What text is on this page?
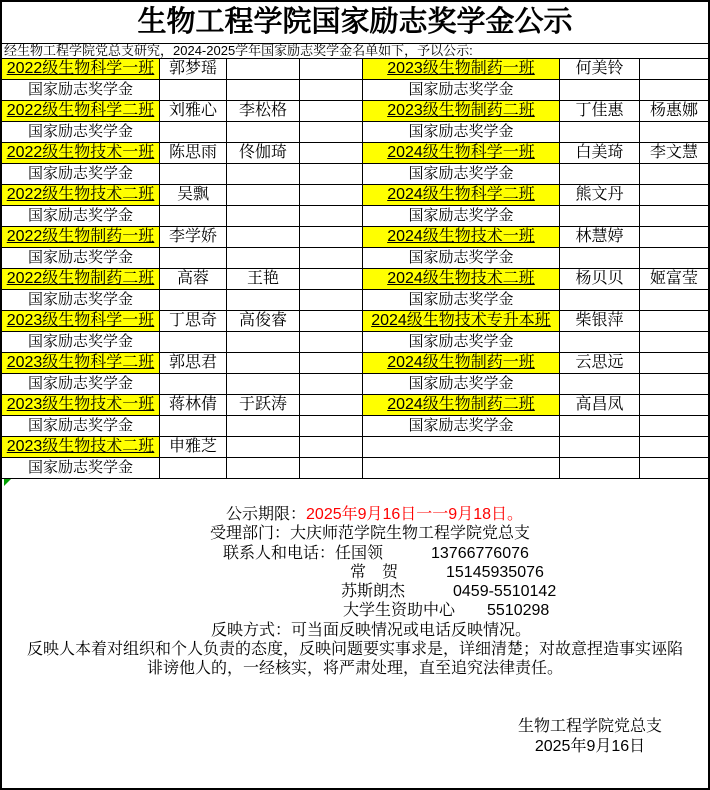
生物工程学院国家励志奖学金公示
经生物工程学院党总支研究，2024-2025学年国家励志奖学金名单如下，予以公示:
2022级生物科学一班 郭梦瑶	2023级生物制药一班	何美铃
国家励志奖学金	国家励志奖学金
2022级生物科学二班 刘雅心	李松格	2023级生物制药二班	丁佳惠	杨惠娜
国家励志奖学金	国家励志奖学金
2022级生物技术一班 陈思雨	佟伽琦	2024级生物科学一班	白美琦	李文慧
国家励志奖学金	国家励志奖学金
2022级生物技术二班	吴飘	2024级生物科学二班	熊文丹
国家励志奖学金	国家励志奖学金
2022级生物制药一班 李学娇	2024级生物技术一班	林慧婷
国家励志奖学金	国家励志奖学金
2022级生物制药二班	高蓉	王艳	2024级生物技术二班	杨贝贝	姬富莹
国家励志奖学金	国家励志奖学金
2023级生物科学一班 丁思奇	高俊睿	2024级生物技术专升本班	柴银萍
国家励志奖学金	国家励志奖学金
2023级生物科学二班 郭思君	2024级生物制药一班	云思远
国家励志奖学金	国家励志奖学金
2023级生物技术一班 蒋林倩	于跃涛	2024级生物制药二班	高昌凤
国家励志奖学金	国家励志奖学金
2023级生物技术二班 申雅芝
国家励志奖学金
公示期限：2025年9月16日一一9月18日。
受理部门：大庆师范学院生物工程学院党总支
联系人和电话：任国领　　　13766776076
常　贺　　　15145935076
苏斯朗杰　　　0459-5510142
大学生资助中心　　5510298
反映方式：可当面反映情况或电话反映情况。
反映人本着对组织和个人负责的态度，反映问题要实事求是，详细清楚；对故意捏造事实诬陷
诽谤他人的，一经核实，将严肃处理，直至追究法律责任。
生物工程学院党总支
2025年9月16日
